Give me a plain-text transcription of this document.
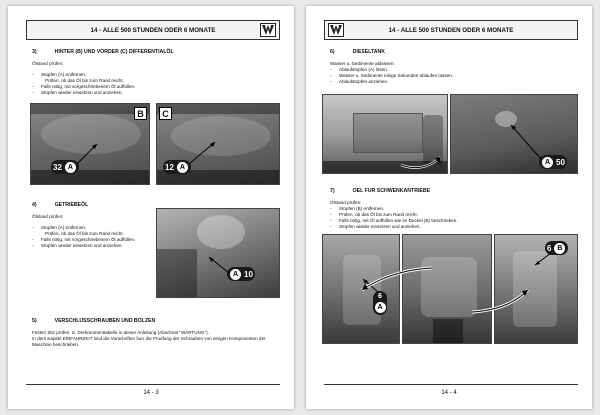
14 - ALLE 500 STUNDEN ODER 6 MONATE
3)	HINTER (B) UND VORDER (C) DIFFERENTIALÖL
Ölstand prüfen:
- Stopfen (A) entfernen.
Prüfen, ob das Öl bis zum Rand reicht.
- Falls nötig, mit vorgeschriebenem Öl auffüllen.
- Stopfen wieder einsetzen und anziehen.
B
32 A
C
12 A
4)	GETRIEBEÖL
Ölstand prüfen:
- Stopfen (A) entfernen.
Prüfen, ob das Öl bis zum Rand reicht.
- Falls nötig, mit vorgeschriebenem Öl auffüllen.
- Stopfen wieder einsetzen und anziehen.
10
A
5)	VERSCHLUSSCHRAUBEN UND BOLZEN
Festen Sitz prüfen. S. Drehmomenttabelle in dieser Anleitung (Abschnitt "WARTUNG").
In dem Kapitel EINFAHRZEIT sind die Vorschriften fuer die Pruefung der Schrauben von einigen Komponenten der Maschine beschrieben.
14 - 3
14 - ALLE 500 STUNDEN ODER 6 MONATE
6)	DIESELTANK
Wasser u. Sedimente ablassen:
- Ablaufstopfen (A) lösen.
- Wasser u. Sedimente einige Sekunden ablaufen lassen.
- Ablaufstopfen anziehen.
50
A
7)	OEL FUR SCHWENKANTRIEBE
Ölstand prüfen:
- Stopfen (B) entfernen.
- Prüfen, ob das Öl bis zum Rand reicht.
- Falls nötig, mit Öl auffüllen wie im Deckel (B) beschrieben.
- Stopfen wieder einsetzen und anziehen.
6
A
6 B
14 - 4
